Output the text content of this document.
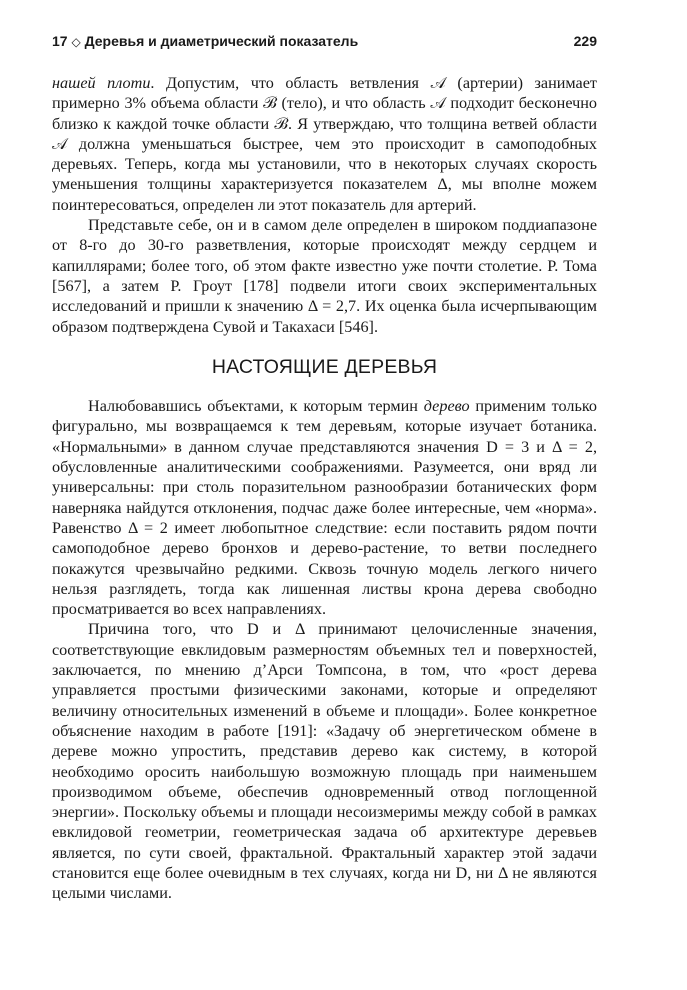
17 ◇ Деревья и диаметрический показатель	229

нашей плоти. Допустим, что область ветвления 𝒜 (артерии) занимает примерно 3% объема области ℬ (тело), и что область 𝒜 подходит бесконечно близко к каждой точке области ℬ. Я утверждаю, что толщина ветвей области 𝒜 должна уменьшаться быстрее, чем это происходит в самоподобных деревьях. Теперь, когда мы установили, что в некоторых случаях скорость уменьшения толщины характеризуется показателем Δ, мы вполне можем поинтересоваться, определен ли этот показатель для артерий.

Представьте себе, он и в самом деле определен в широком поддиапазоне от 8-го до 30-го разветвления, которые происходят между сердцем и капиллярами; более того, об этом факте известно уже почти столетие. Р. Тома [567], а затем Р. Гроут [178] подвели итоги своих экспериментальных исследований и пришли к значению Δ = 2,7. Их оценка была исчерпывающим образом подтверждена Сувой и Такахаси [546].

НАСТОЯЩИЕ ДЕРЕВЬЯ

Налюбовавшись объектами, к которым термин дерево применим только фигурально, мы возвращаемся к тем деревьям, которые изучает ботаника. «Нормальными» в данном случае представляются значения D = 3 и Δ = 2, обусловленные аналитическими соображениями. Разумеется, они вряд ли универсальны: при столь поразительном разнообразии ботанических форм наверняка найдутся отклонения, подчас даже более интересные, чем «норма». Равенство Δ = 2 имеет любопытное следствие: если поставить рядом почти самоподобное дерево бронхов и дерево-растение, то ветви последнего покажутся чрезвычайно редкими. Сквозь точную модель легкого ничего нельзя разглядеть, тогда как лишенная листвы крона дерева свободно просматривается во всех направлениях.

Причина того, что D и Δ принимают целочисленные значения, соответствующие евклидовым размерностям объемных тел и поверхностей, заключается, по мнению д’Арси Томпсона, в том, что «рост дерева управляется простыми физическими законами, которые и определяют величину относительных изменений в объеме и площади». Более конкретное объяснение находим в работе [191]: «Задачу об энергетическом обмене в дереве можно упростить, представив дерево как систему, в которой необходимо оросить наибольшую возможную площадь при наименьшем производимом объеме, обеспечив одновременный отвод поглощенной энергии». Поскольку объемы и площади несоизмеримы между собой в рамках евклидовой геометрии, геометрическая задача об архитектуре деревьев является, по сути своей, фрактальной. Фрактальный характер этой задачи становится еще более очевидным в тех случаях, когда ни D, ни Δ не являются целыми числами.
